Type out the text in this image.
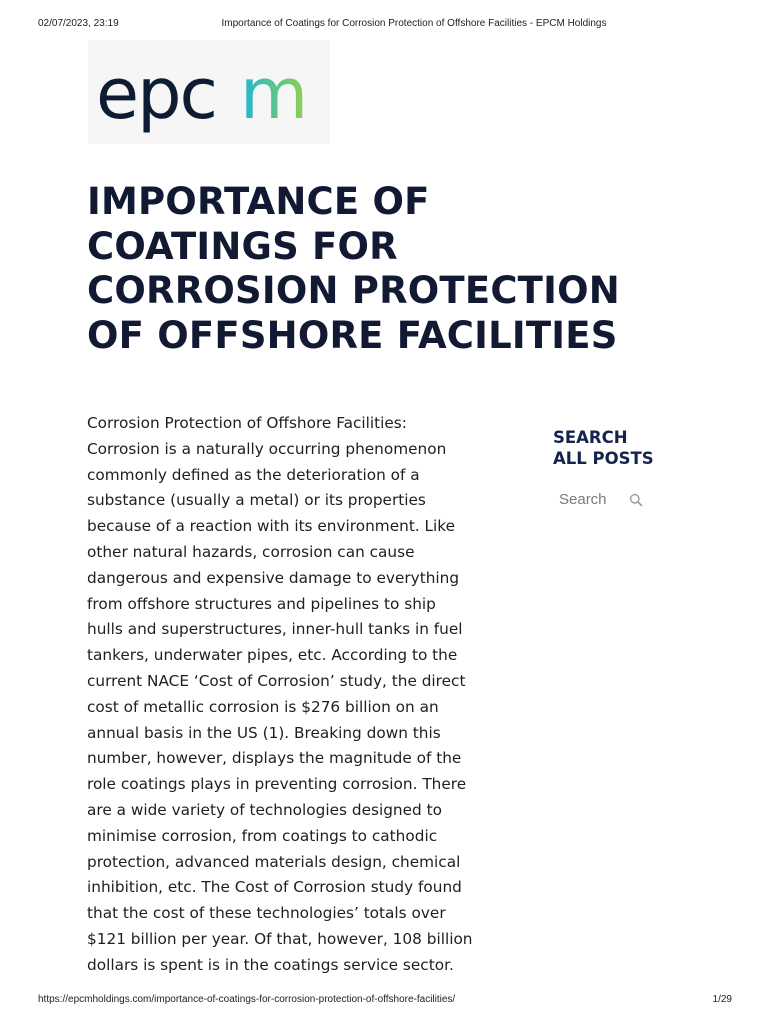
02/07/2023, 23:19	Importance of Coatings for Corrosion Protection of Offshore Facilities - EPCM Holdings
epc m
IMPORTANCE OF
COATINGS FOR
CORROSION PROTECTION
OF OFFSHORE FACILITIES
Corrosion Protection of Offshore Facilities:
Corrosion is a naturally occurring phenomenon
commonly defined as the deterioration of a
substance (usually a metal) or its properties
because of a reaction with its environment. Like
other natural hazards, corrosion can cause
dangerous and expensive damage to everything
from offshore structures and pipelines to ship
hulls and superstructures, inner-hull tanks in fuel
tankers, underwater pipes, etc. According to the
current NACE ‘Cost of Corrosion’ study, the direct
cost of metallic corrosion is $276 billion on an
annual basis in the US (1). Breaking down this
number, however, displays the magnitude of the
role coatings plays in preventing corrosion. There
are a wide variety of technologies designed to
minimise corrosion, from coatings to cathodic
protection, advanced materials design, chemical
inhibition, etc. The Cost of Corrosion study found
that the cost of these technologies’ totals over
$121 billion per year. Of that, however, 108 billion
dollars is spent is in the coatings service sector.
SEARCH
ALL POSTS
Search
https://epcmholdings.com/importance-of-coatings-for-corrosion-protection-of-offshore-facilities/	1/29
